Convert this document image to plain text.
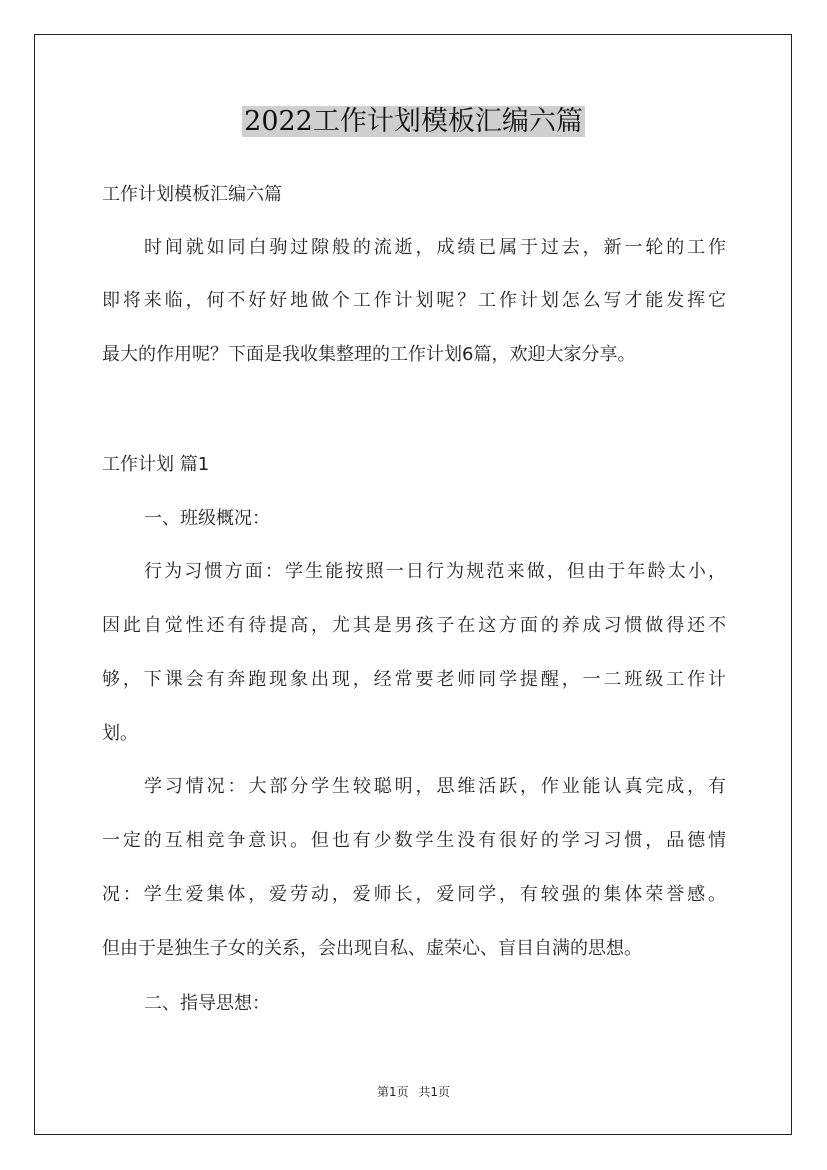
2022工作计划模板汇编六篇
工作计划模板汇编六篇
时间就如同白驹过隙般的流逝，成绩已属于过去，新一轮的工作
即将来临，何不好好地做个工作计划呢？工作计划怎么写才能发挥它
最大的作用呢？下面是我收集整理的工作计划6篇，欢迎大家分享。
工作计划 篇1
一、班级概况：
行为习惯方面：学生能按照一日行为规范来做，但由于年龄太小，
因此自觉性还有待提高，尤其是男孩子在这方面的养成习惯做得还不
够，下课会有奔跑现象出现，经常要老师同学提醒，一二班级工作计
划。
学习情况：大部分学生较聪明，思维活跃，作业能认真完成，有
一定的互相竞争意识。但也有少数学生没有很好的学习习惯，品德情
况：学生爱集体，爱劳动，爱师长，爱同学，有较强的集体荣誉感。
但由于是独生子女的关系，会出现自私、虚荣心、盲目自满的思想。
二、指导思想：
第1页 共1页
